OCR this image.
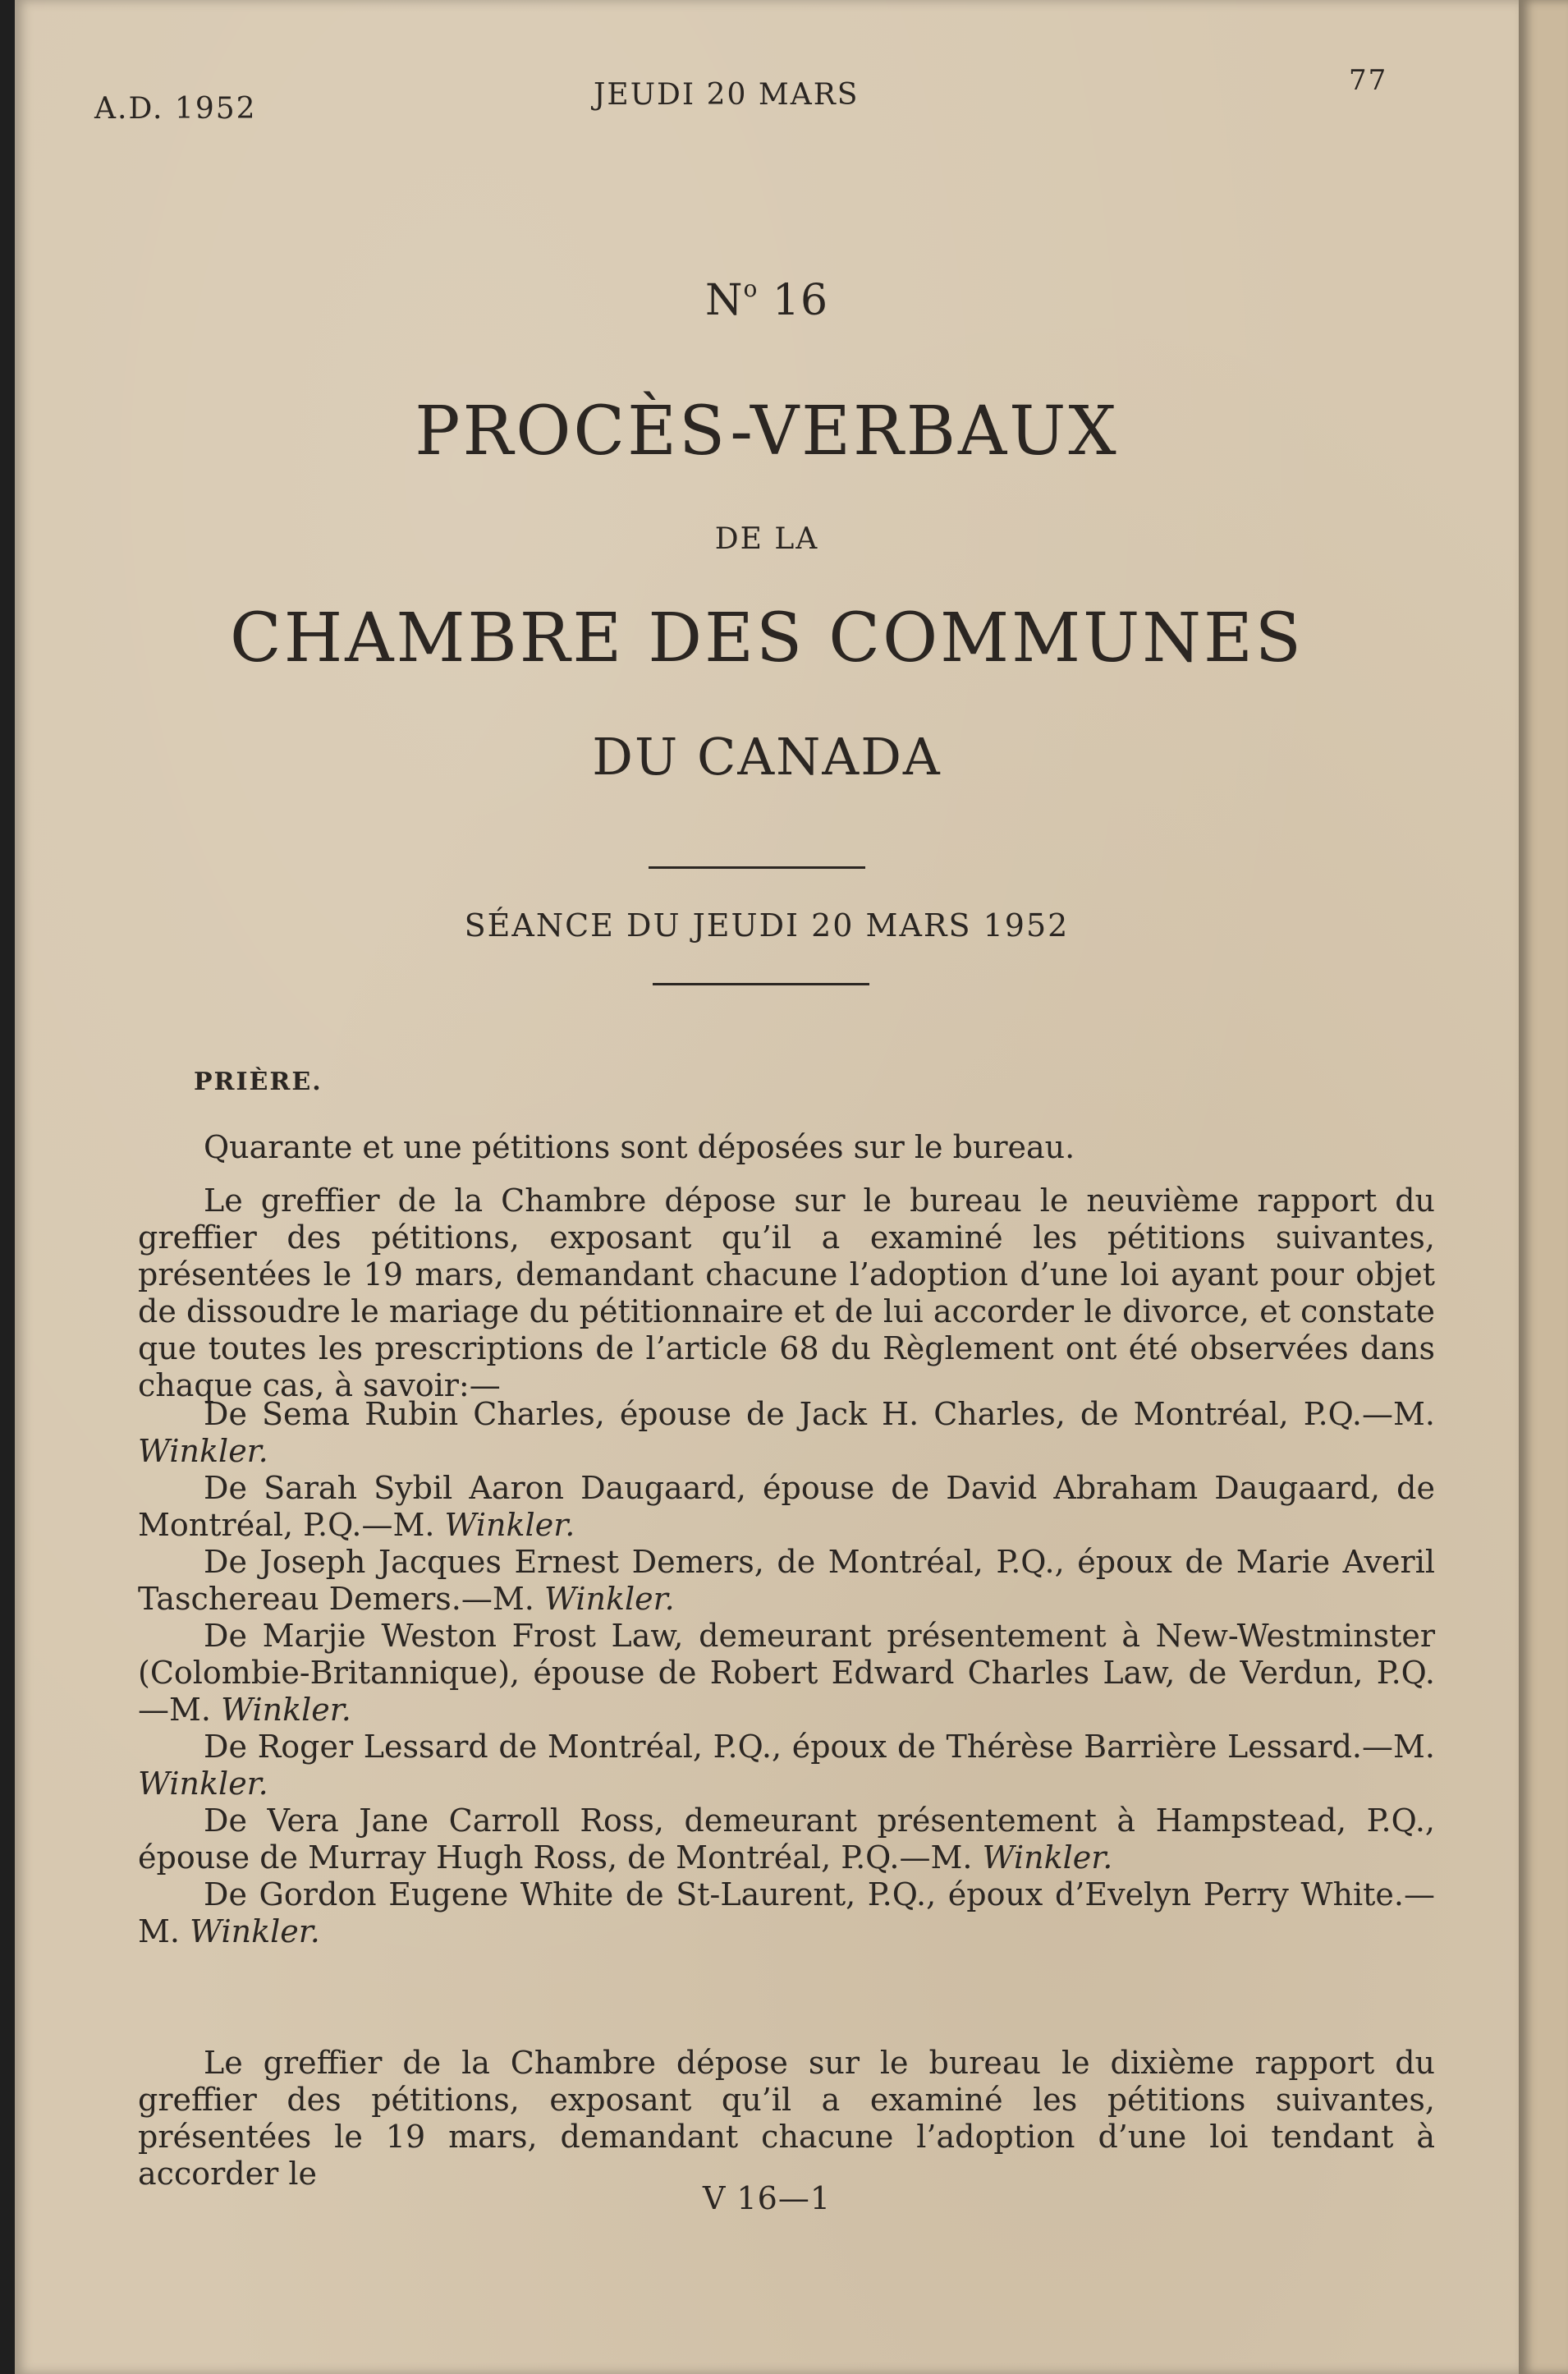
A.D. 1952	JEUDI 20 MARS	77
$N^o$ 16
PROCÈS-VERBAUX
DE LA
CHAMBRE DES COMMUNES
DU CANADA
SÉANCE DU JEUDI 20 MARS 1952
PRIÈRE.
Quarante et une pétitions sont déposées sur le bureau.
Le greffier de la Chambre dépose sur le bureau le neuvième rapport du greffier des pétitions, exposant qu’il a examiné les pétitions suivantes, présentées le 19 mars, demandant chacune l’adoption d’une loi ayant pour objet de dissoudre le mariage du pétitionnaire et de lui accorder le divorce, et constate que toutes les prescriptions de l’article 68 du Règlement ont été observées dans chaque cas, à savoir:—

De Sema Rubin Charles, épouse de Jack H. Charles, de Montréal, P.Q.—M. Winkler.

De Sarah Sybil Aaron Daugaard, épouse de David Abraham Daugaard, de Montréal, P.Q.—M. Winkler.

De Joseph Jacques Ernest Demers, de Montréal, P.Q., époux de Marie Averil Taschereau Demers.—M. Winkler.

De Marjie Weston Frost Law, demeurant présentement à New-Westminster (Colombie-Britannique), épouse de Robert Edward Charles Law, de Verdun, P.Q.—M. Winkler.

De Roger Lessard de Montréal, P.Q., époux de Thérèse Barrière Lessard.—M. Winkler.

De Vera Jane Carroll Ross, demeurant présentement à Hampstead, P.Q., épouse de Murray Hugh Ross, de Montréal, P.Q.—M. Winkler.

De Gordon Eugene White de St-Laurent, P.Q., époux d’Evelyn Perry White.—M. Winkler.

Le greffier de la Chambre dépose sur le bureau le dixième rapport du greffier des pétitions, exposant qu’il a examiné les pétitions suivantes, présentées le 19 mars, demandant chacune l’adoption d’une loi tendant à accorder le
V 16—1
